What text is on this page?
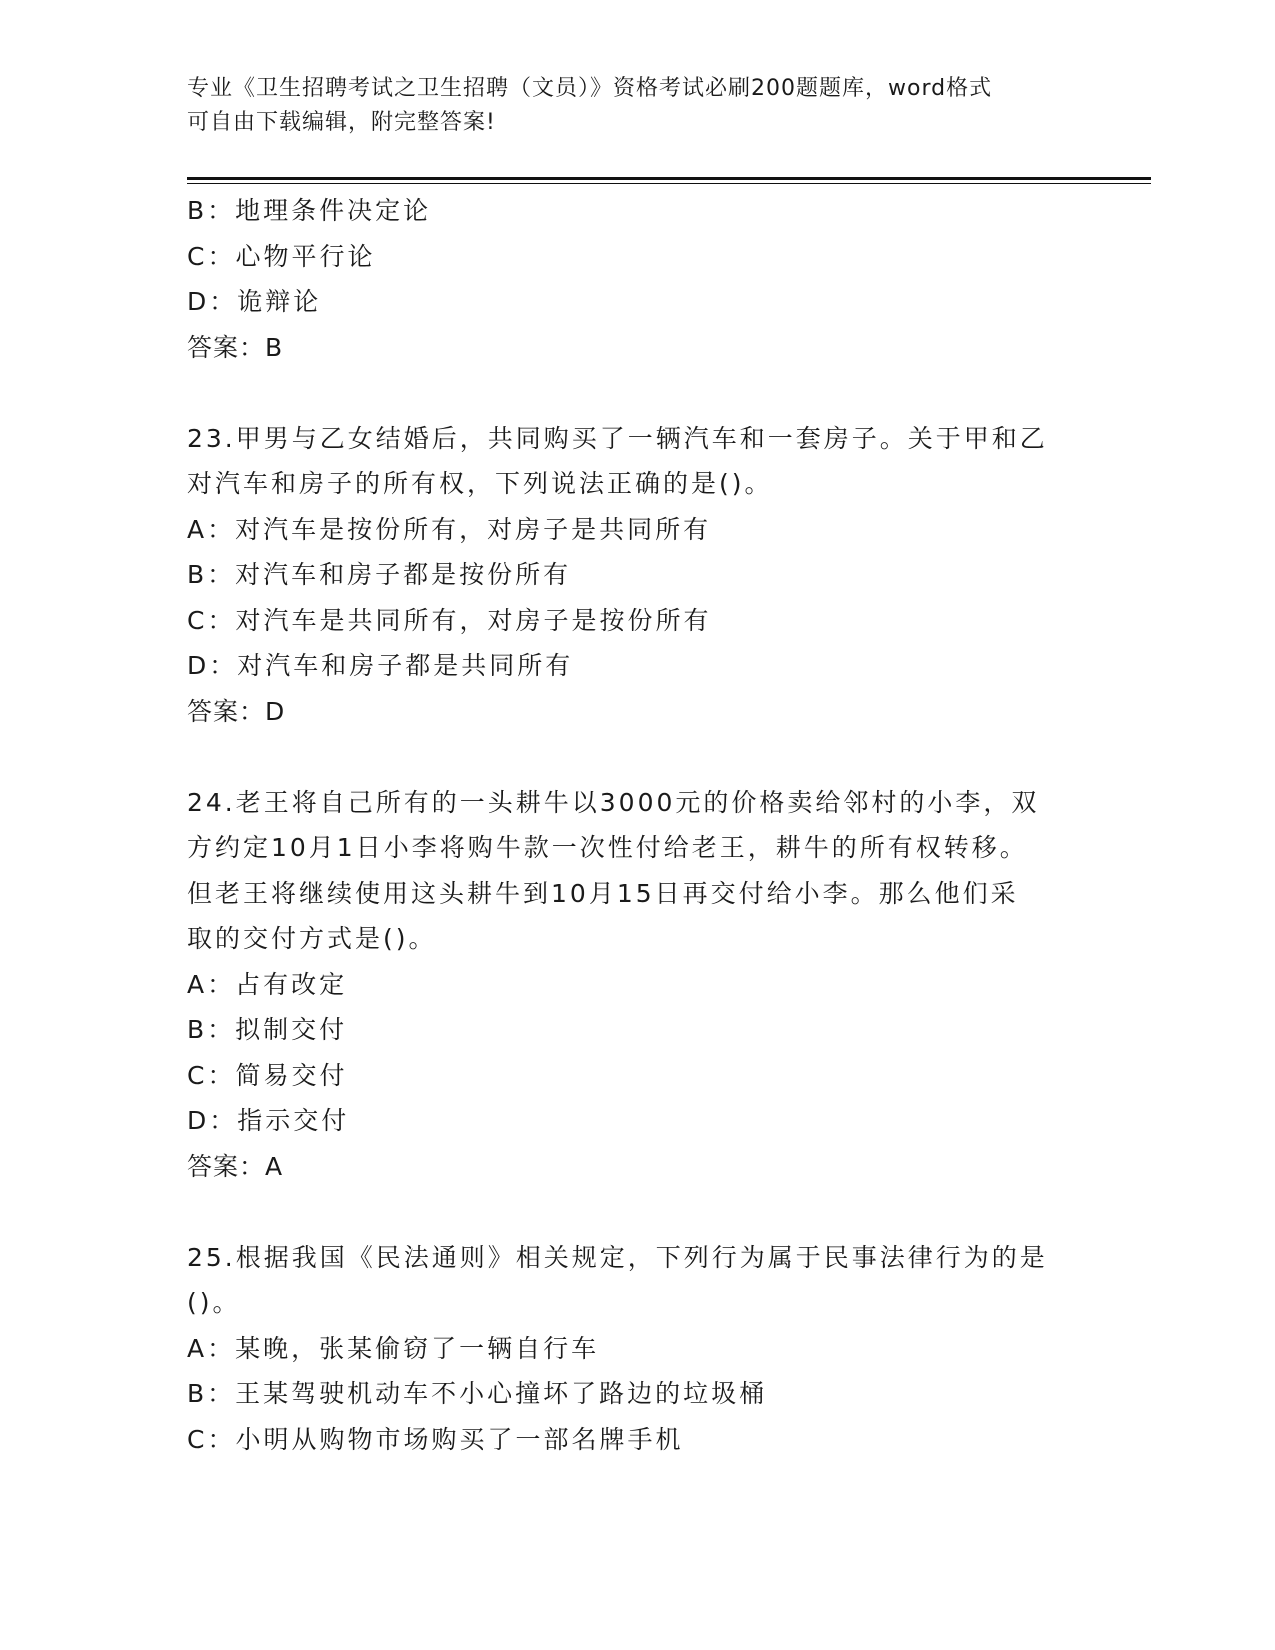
专业《卫生招聘考试之卫生招聘（文员）》资格考试必刷200题题库，word格式
可自由下载编辑，附完整答案!
B：地理条件决定论
C：心物平行论
D：诡辩论
答案：B
23.甲男与乙女结婚后，共同购买了一辆汽车和一套房子。关于甲和乙
对汽车和房子的所有权，下列说法正确的是()。
A：对汽车是按份所有，对房子是共同所有
B：对汽车和房子都是按份所有
C：对汽车是共同所有，对房子是按份所有
D：对汽车和房子都是共同所有
答案：D
24.老王将自己所有的一头耕牛以3000元的价格卖给邻村的小李，双
方约定10月1日小李将购牛款一次性付给老王，耕牛的所有权转移。
但老王将继续使用这头耕牛到10月15日再交付给小李。那么他们采
取的交付方式是()。
A：占有改定
B：拟制交付
C：简易交付
D：指示交付
答案：A
25.根据我国《民法通则》相关规定，下列行为属于民事法律行为的是
()。
A：某晚，张某偷窃了一辆自行车
B：王某驾驶机动车不小心撞坏了路边的垃圾桶
C：小明从购物市场购买了一部名牌手机
